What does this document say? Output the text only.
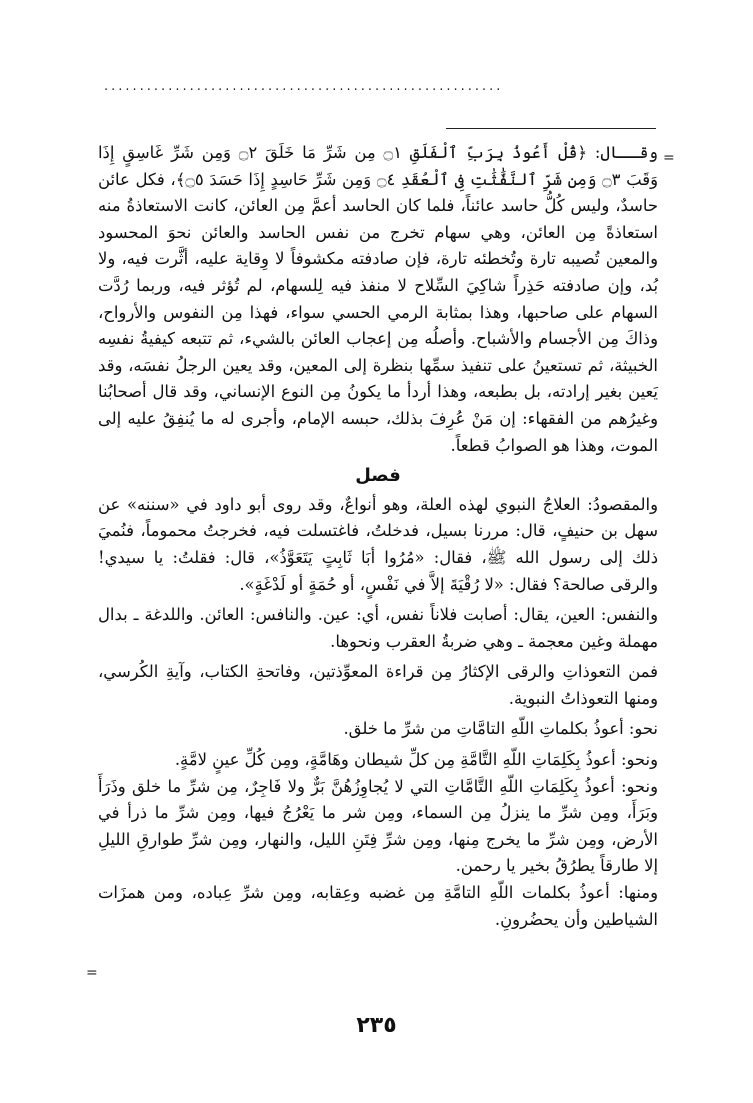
........................................................
=

وقــال: ﴿قُلْ أَعُوذُ بِرَبِّ ٱلْفَلَقِ ۝١ مِن شَرِّ مَا خَلَقَ ۝٢ وَمِن شَرِّ غَاسِقٍ إِذَا وَقَبَ ۝٣ وَمِن شَرِّ ٱلنَّفَّٰثَٰتِ فِى ٱلْعُقَدِ ۝٤ وَمِن شَرِّ حَاسِدٍ إِذَا حَسَدَ ۝٥﴾، فكل عائن حاسدٌ، وليس كُلُّ حاسد عائناً، فلما كان الحاسد أعمَّ مِن العائن، كانت الاستعاذةُ منه استعاذةً مِن العائن، وهي سهام تخرج من نفس الحاسد والعائن نحوَ المحسود والمعين تُصيبه تارة وتُخطئه تارة، فإن صادفته مكشوفاً لا وِقاية عليه، أثَّرت فيه، ولا بُد، وإن صادفته حَذِراً شاكِيَ السِّلاح لا منفذ فيه لِلسهام، لم تُؤثر فيه، وربما رُدَّت السهام على صاحبها، وهذا بمثابة الرمي الحسي سواء، فهذا مِن النفوس والأرواح، وذاكَ مِن الأجسام والأشباح. وأصلُه مِن إعجاب العائن بالشيء، ثم تتبعه كيفيةُ نفسِه الخبيثة، ثم تستعينُ على تنفيذ سمِّها بنظرة إلى المعين، وقد يعين الرجلُ نفسَه، وقد يَعين بغير إرادته، بل بطبعه، وهذا أردأ ما يكونُ مِن النوع الإنساني، وقد قال أصحابُنا وغيرُهم من الفقهاء: إن مَنْ عُرِفَ بذلك، حبسه الإمام، وأجرى له ما يُنفِقُ عليه إلى الموت، وهذا هو الصوابُ قطعاً.

فصل

والمقصودُ: العلاجُ النبوي لهذه العلة، وهو أنواعٌ، وقد روى أبو داود في «سننه» عن سهل بن حنيفٍ، قال: مررنا بسيل، فدخلتُ، فاغتسلت فيه، فخرجتُ محموماً، فنُميَ ذلك إلى رسول الله ﷺ، فقال: «مُرُوا أبَا ثَابِتٍ يَتَعَوَّذُ»، قال: فقلتُ: يا سيدي! والرقى صالحة؟ فقال: «لا رُقْيَةَ إلاَّ في نَفْسٍ، أو حُمَةٍ أو لَدْغَةٍ».

والنفس: العين، يقال: أصابت فلاناً نفس، أي: عين. والنافس: العائن. واللدغة ـ بدال مهملة وغين معجمة ـ وهي ضربةُ العقرب ونحوها.

فمن التعوذاتِ والرقى الإكثارُ مِن قراءة المعوِّذتين، وفاتحةِ الكتاب، وآيةِ الكُرسي، ومنها التعوذاتُ النبوية.

نحو: أعوذُ بكلماتِ اللّهِ التامَّاتِ من شرِّ ما خلق.

ونحو: أعوذُ بِكَلِمَاتِ اللّهِ التَّامَّةِ مِن كلِّ شيطان وهَامَّةٍ، ومِن كُلِّ عينٍ لامَّةٍ.

ونحو: أعوذُ بِكَلِمَاتِ اللّهِ التَّامَّاتِ التي لا يُجاوِزُهُنَّ بَرٌّ ولا فَاجِرٌ، مِن شرِّ ما خلق وذَرَأَ وبَرَأَ، ومِن شرِّ ما ينزلُ مِن السماء، ومِن شر ما يَعْرُجُ فيها، ومِن شرِّ ما ذرأ في الأرض، ومِن شرِّ ما يخرج مِنها، ومِن شرِّ فِتَنِ الليل، والنهار، ومِن شرِّ طوارقِ الليلِ إلا طارقاً يطرُقُ بخير يا رحمن.

ومنها: أعوذُ بكلمات اللّهِ التامَّةِ مِن غضبه وعِقابه، ومِن شرِّ عِباده، ومن همزَات الشياطين وأن يحضُرونِ.

=
٢٣٥
